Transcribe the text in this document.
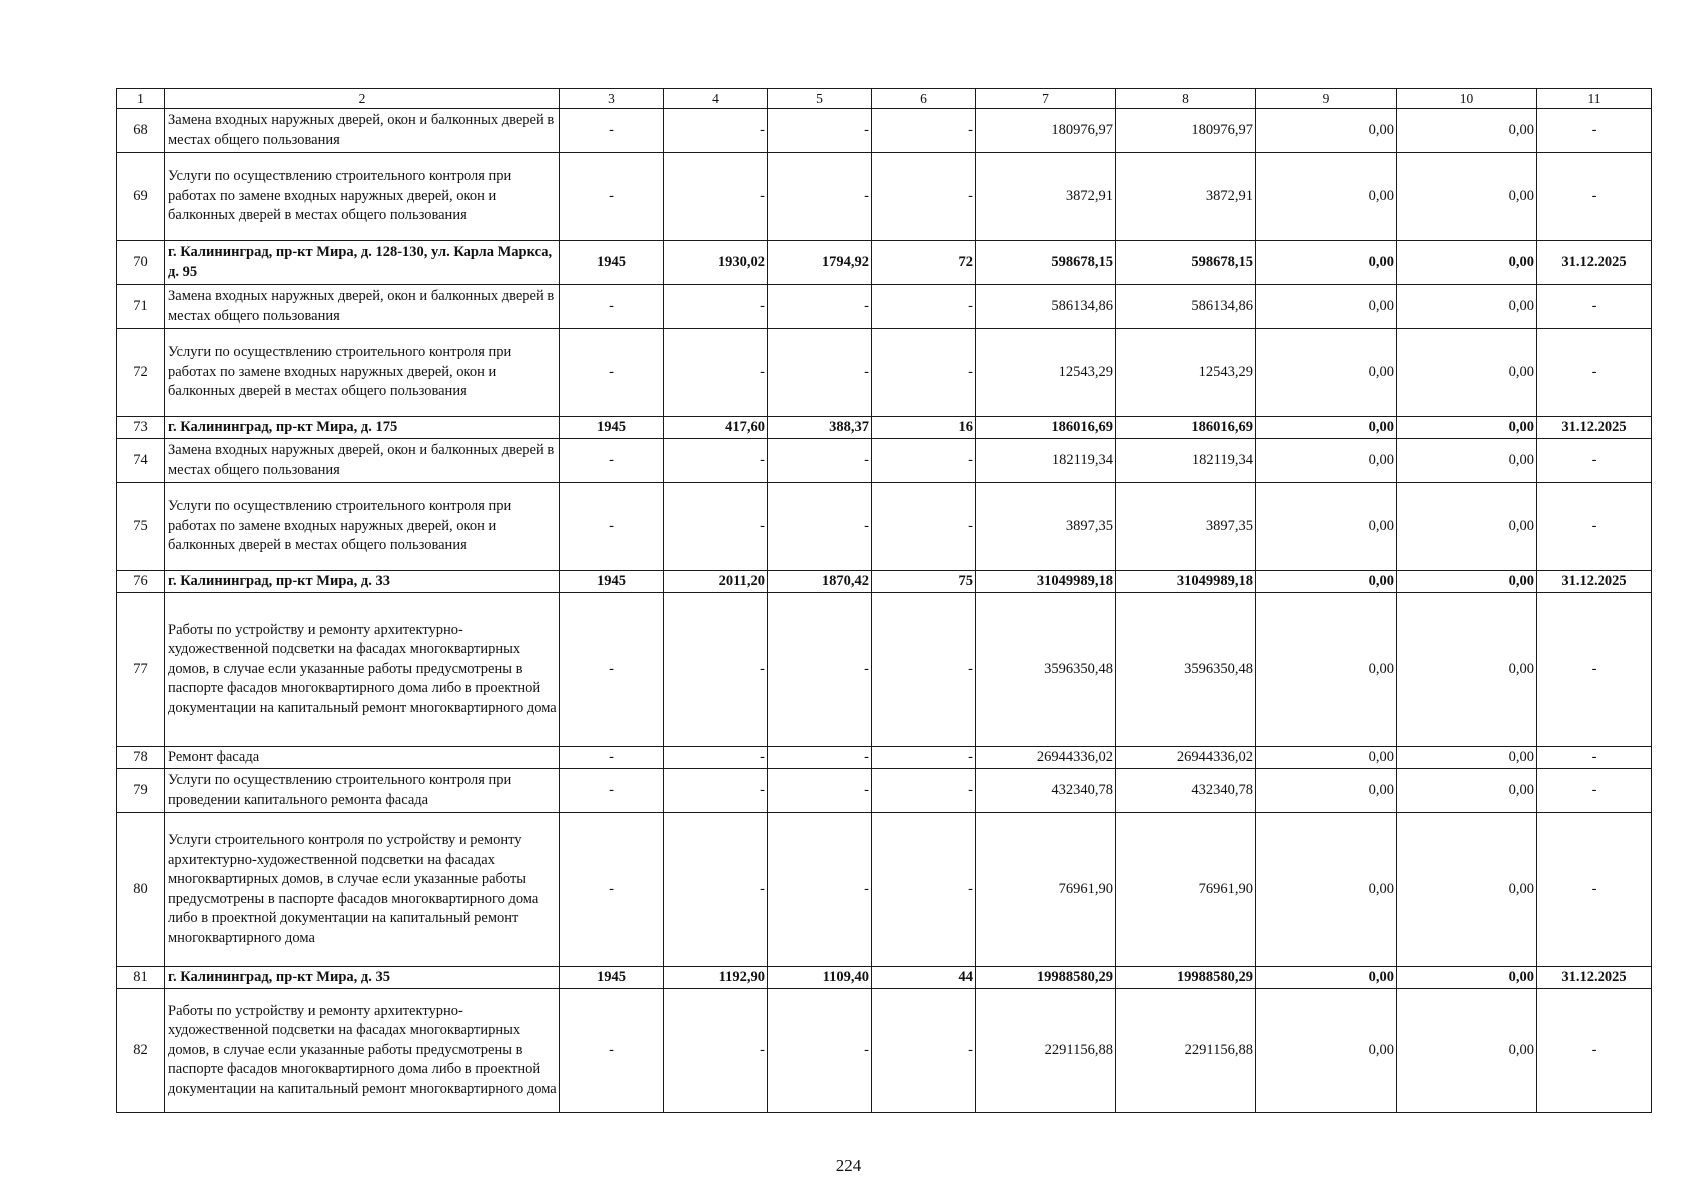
1	2	3	4	5	6	7	8	9	10	11
68	Замена входных наружных дверей, окон и балконных дверей в местах общего пользования	-	-	-	-	180976,97	180976,97	0,00	0,00	-
69	Услуги по осуществлению строительного контроля при работах по замене входных наружных дверей, окон и балконных дверей в местах общего пользования	-	-	-	-	3872,91	3872,91	0,00	0,00	-
70	г. Калининград, пр-кт Мира, д. 128-130, ул. Карла Маркса, д. 95	1945	1930,02	1794,92	72	598678,15	598678,15	0,00	0,00	31.12.2025
71	Замена входных наружных дверей, окон и балконных дверей в местах общего пользования	-	-	-	-	586134,86	586134,86	0,00	0,00	-
72	Услуги по осуществлению строительного контроля при работах по замене входных наружных дверей, окон и балконных дверей в местах общего пользования	-	-	-	-	12543,29	12543,29	0,00	0,00	-
73	г. Калининград, пр-кт Мира, д. 175	1945	417,60	388,37	16	186016,69	186016,69	0,00	0,00	31.12.2025
74	Замена входных наружных дверей, окон и балконных дверей в местах общего пользования	-	-	-	-	182119,34	182119,34	0,00	0,00	-
75	Услуги по осуществлению строительного контроля при работах по замене входных наружных дверей, окон и балконных дверей в местах общего пользования	-	-	-	-	3897,35	3897,35	0,00	0,00	-
76	г. Калининград, пр-кт Мира, д. 33	1945	2011,20	1870,42	75	31049989,18	31049989,18	0,00	0,00	31.12.2025
77	Работы по устройству и ремонту архитектурно-художественной подсветки на фасадах многоквартирных домов, в случае если указанные работы предусмотрены в паспорте фасадов многоквартирного дома либо в проектной документации на капитальный ремонт многоквартирного дома	-	-	-	-	3596350,48	3596350,48	0,00	0,00	-
78	Ремонт фасада	-	-	-	-	26944336,02	26944336,02	0,00	0,00	-
79	Услуги по осуществлению строительного контроля при проведении капитального ремонта фасада	-	-	-	-	432340,78	432340,78	0,00	0,00	-
80	Услуги строительного контроля по устройству и ремонту архитектурно-художественной подсветки на фасадах многоквартирных домов, в случае если указанные работы предусмотрены в паспорте фасадов многоквартирного дома либо в проектной документации на капитальный ремонт многоквартирного дома	-	-	-	-	76961,90	76961,90	0,00	0,00	-
81	г. Калининград, пр-кт Мира, д. 35	1945	1192,90	1109,40	44	19988580,29	19988580,29	0,00	0,00	31.12.2025
82	Работы по устройству и ремонту архитектурно-художественной подсветки на фасадах многоквартирных домов, в случае если указанные работы предусмотрены в паспорте фасадов многоквартирного дома либо в проектной документации на капитальный ремонт многоквартирного дома	-	-	-	-	2291156,88	2291156,88	0,00	0,00	-
224
